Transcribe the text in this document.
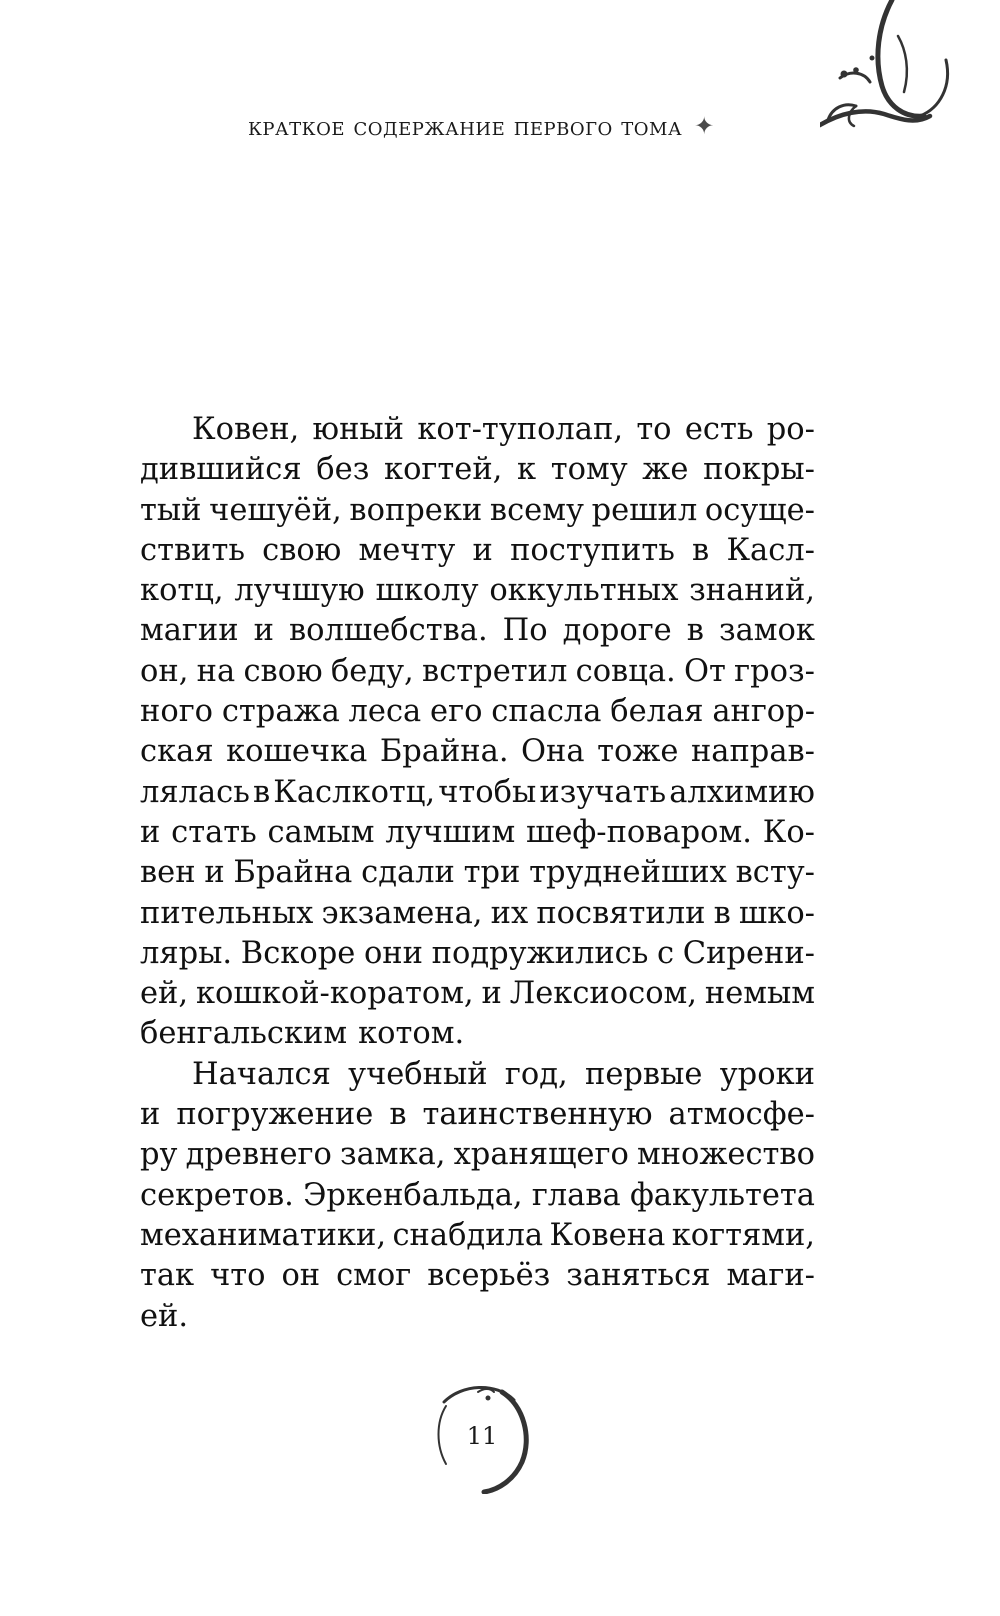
краткое содержание первого тома ✦
Ковен, юный кот-туполап, то есть ро-
дившийся без когтей, к тому же покры-
тый чешуёй, вопреки всему решил осуще-
ствить свою мечту и поступить в Касл-
котц, лучшую школу оккультных знаний,
магии и волшебства. По дороге в замок
он, на свою беду, встретил совца. От гроз-
ного стража леса его спасла белая ангор-
ская кошечка Брайна. Она тоже направ-
лялась в Каслкотц, чтобы изучать алхимию
и стать самым лучшим шеф-поваром. Ко-
вен и Брайна сдали три труднейших всту-
пительных экзамена, их посвятили в шко-
ляры. Вскоре они подружились с Сирени-
ей, кошкой-коратом, и Лексиосом, немым
бенгальским котом.
Начался учебный год, первые уроки
и погружение в таинственную атмосфе-
ру древнего замка, хранящего множество
секретов. Эркенбальда, глава факультета
механиматики, снабдила Ковена когтями,
так что он смог всерьёз заняться маги-
ей.
11
